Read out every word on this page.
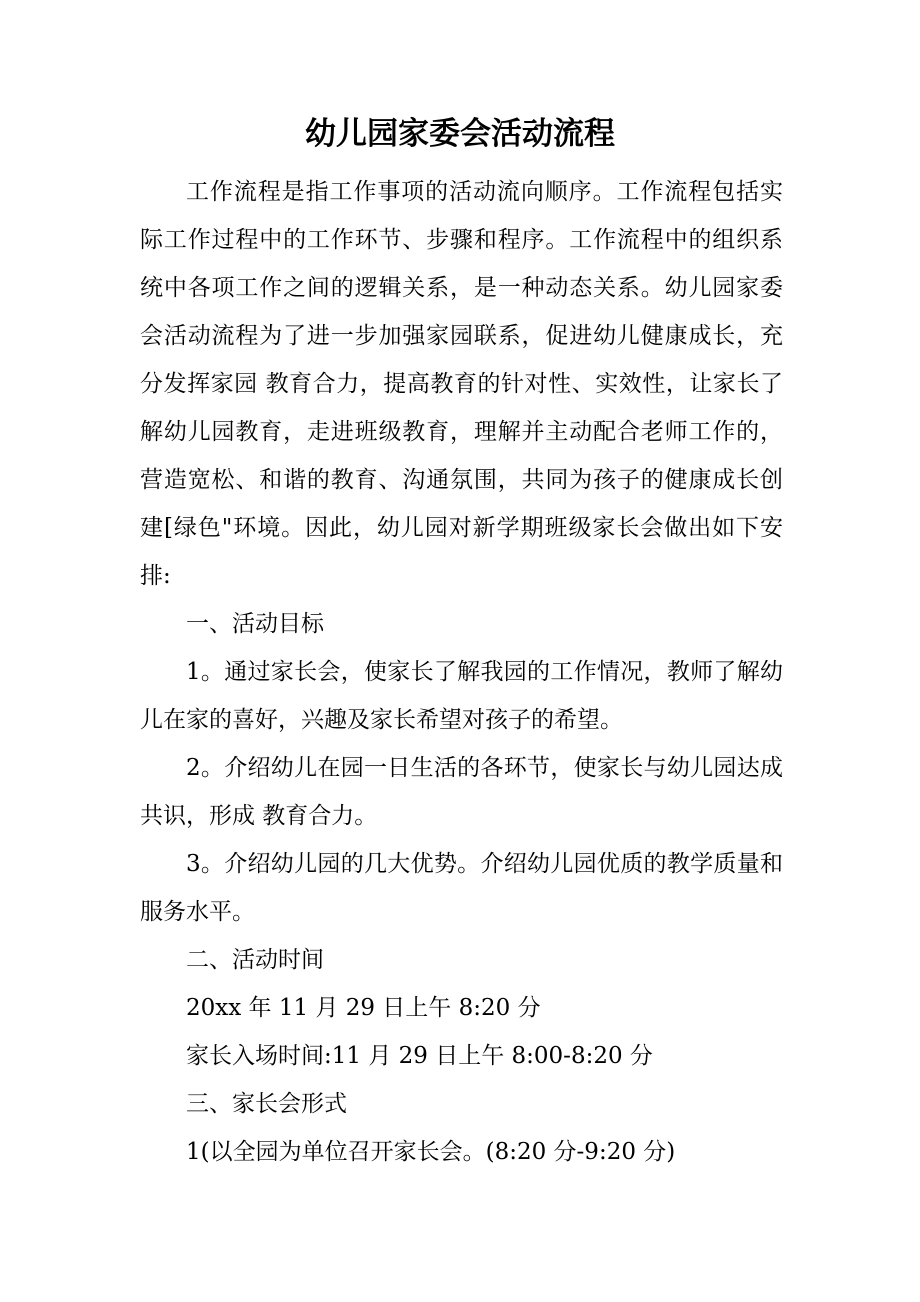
幼儿园家委会活动流程

工作流程是指工作事项的活动流向顺序。工作流程包括实际工作过程中的工作环节、步骤和程序。工作流程中的组织系统中各项工作之间的逻辑关系，是一种动态关系。幼儿园家委会活动流程为了进一步加强家园联系，促进幼儿健康成长，充分发挥家园 教育合力，提高教育的针对性、实效性，让家长了解幼儿园教育，走进班级教育，理解并主动配合老师工作的，营造宽松、和谐的教育、沟通氛围，共同为孩子的健康成长创建[绿色"环境。因此，幼儿园对新学期班级家长会做出如下安排:

一、活动目标

1。通过家长会，使家长了解我园的工作情况，教师了解幼儿在家的喜好，兴趣及家长希望对孩子的希望。

2。介绍幼儿在园一日生活的各环节，使家长与幼儿园达成共识，形成 教育合力。

3。介绍幼儿园的几大优势。介绍幼儿园优质的教学质量和服务水平。

二、活动时间

20xx 年 11 月 29 日上午 8:20 分

家长入场时间:11 月 29 日上午 8:00-8:20 分

三、家长会形式

1(以全园为单位召开家长会。(8:20 分-9:20 分)
